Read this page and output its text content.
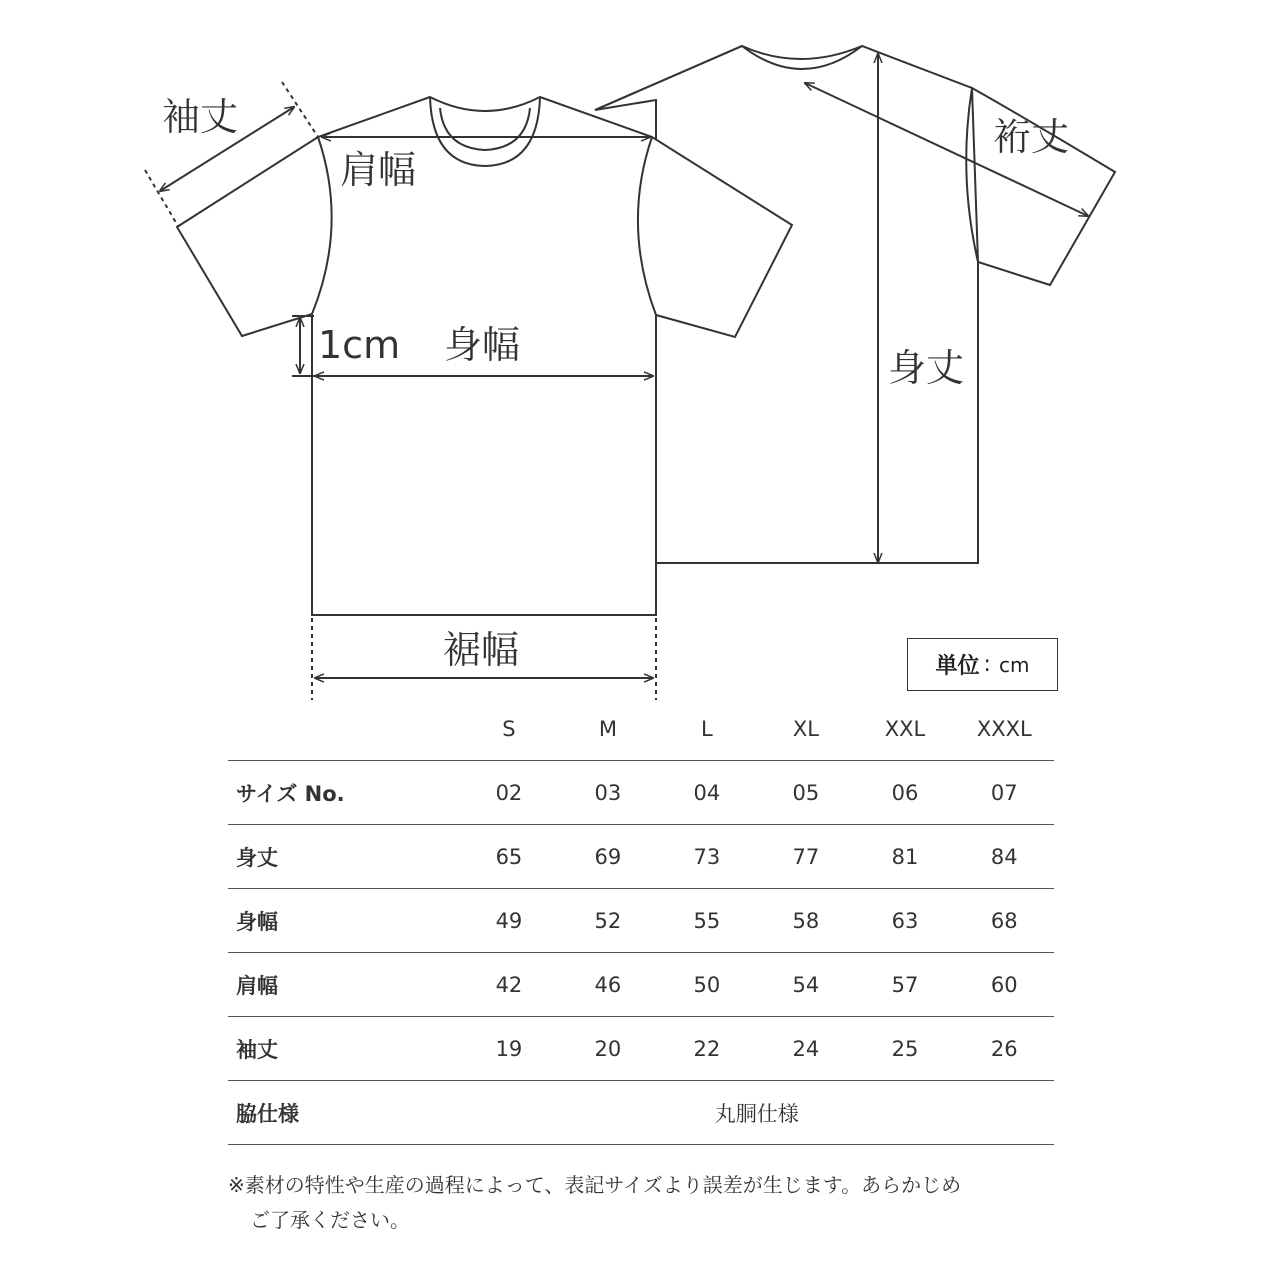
袖丈
肩幅
1cm 身幅
裾幅
裄丈
身丈
単位 : cm
	S	M	L	XL	XXL	XXXL
サイズ No.	02	03	04	05	06	07
身丈	65	69	73	77	81	84
身幅	49	52	55	58	63	68
肩幅	42	46	50	54	57	60
袖丈	19	20	22	24	25	26
脇仕様	丸胴仕様					
※素材の特性や生産の過程によって、表記サイズより誤差が生じます。あらかじめ
ご了承ください。
